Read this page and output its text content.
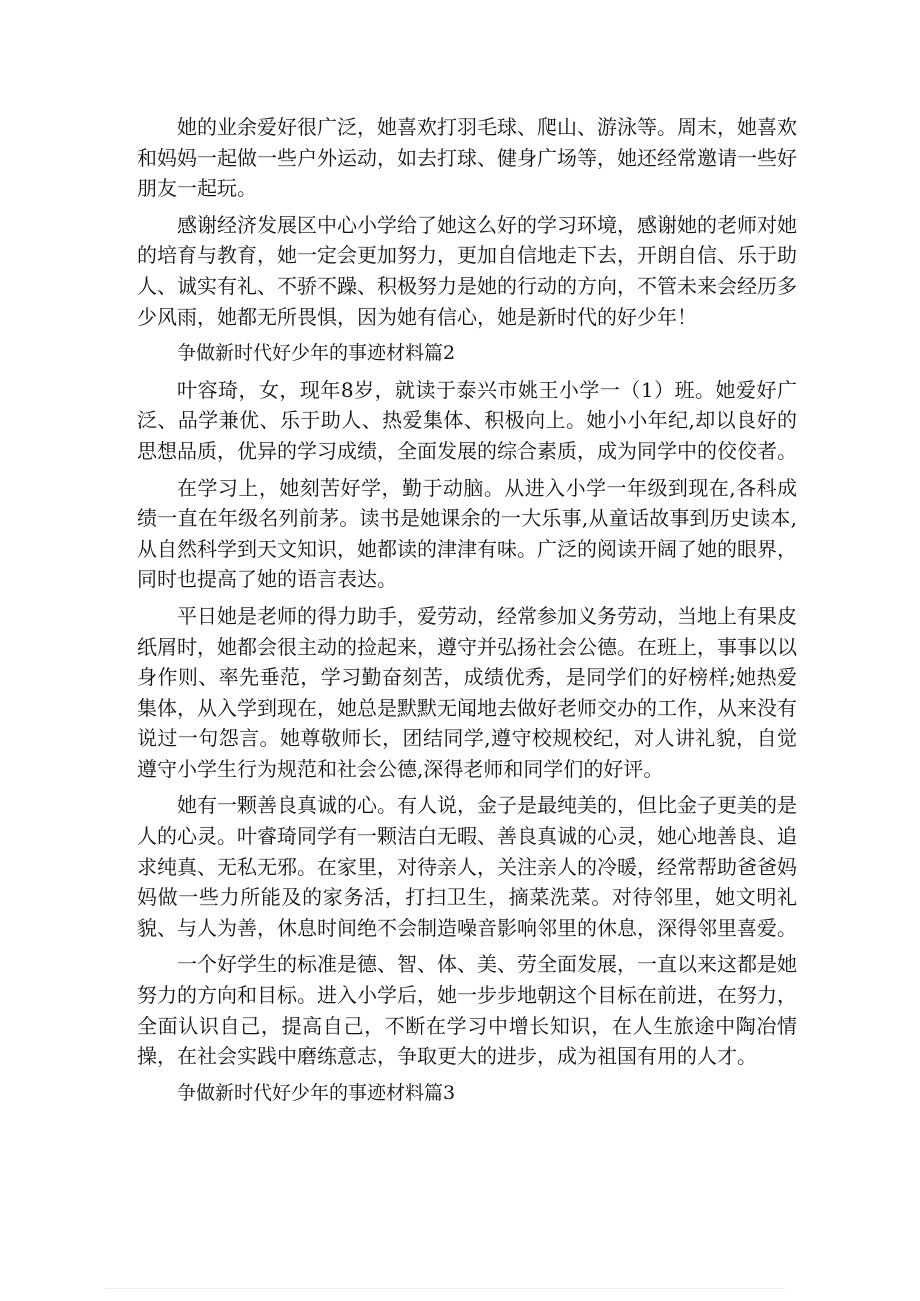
她的业余爱好很广泛，她喜欢打羽毛球、爬山、游泳等。周末，她喜欢和妈妈一起做一些户外运动，如去打球、健身广场等，她还经常邀请一些好朋友一起玩。

感谢经济发展区中心小学给了她这么好的学习环境，感谢她的老师对她的培育与教育，她一定会更加努力，更加自信地走下去，开朗自信、乐于助人、诚实有礼、不骄不躁、积极努力是她的行动的方向，不管未来会经历多少风雨，她都无所畏惧，因为她有信心，她是新时代的好少年！

争做新时代好少年的事迹材料篇2

叶容琦，女，现年8岁，就读于泰兴市姚王小学一（1）班。她爱好广泛、品学兼优、乐于助人、热爱集体、积极向上。她小小年纪,却以良好的思想品质，优异的学习成绩，全面发展的综合素质，成为同学中的佼佼者。

在学习上，她刻苦好学，勤于动脑。从进入小学一年级到现在,各科成绩一直在年级名列前茅。读书是她课余的一大乐事,从童话故事到历史读本,从自然科学到天文知识，她都读的津津有味。广泛的阅读开阔了她的眼界，同时也提高了她的语言表达。

平日她是老师的得力助手，爱劳动，经常参加义务劳动，当地上有果皮纸屑时，她都会很主动的捡起来，遵守并弘扬社会公德。在班上，事事以以身作则、率先垂范，学习勤奋刻苦，成绩优秀，是同学们的好榜样;她热爱集体，从入学到现在，她总是默默无闻地去做好老师交办的工作，从来没有说过一句怨言。她尊敬师长，团结同学,遵守校规校纪，对人讲礼貌，自觉遵守小学生行为规范和社会公德,深得老师和同学们的好评。

她有一颗善良真诚的心。有人说，金子是最纯美的，但比金子更美的是人的心灵。叶睿琦同学有一颗洁白无暇、善良真诚的心灵，她心地善良、追求纯真、无私无邪。在家里，对待亲人，关注亲人的冷暖，经常帮助爸爸妈妈做一些力所能及的家务活，打扫卫生，摘菜洗菜。对待邻里，她文明礼貌、与人为善，休息时间绝不会制造噪音影响邻里的休息，深得邻里喜爱。

一个好学生的标准是德、智、体、美、劳全面发展，一直以来这都是她努力的方向和目标。进入小学后，她一步步地朝这个目标在前进，在努力，全面认识自己，提高自己，不断在学习中增长知识，在人生旅途中陶冶情操，在社会实践中磨练意志，争取更大的进步，成为祖国有用的人才。

争做新时代好少年的事迹材料篇3
